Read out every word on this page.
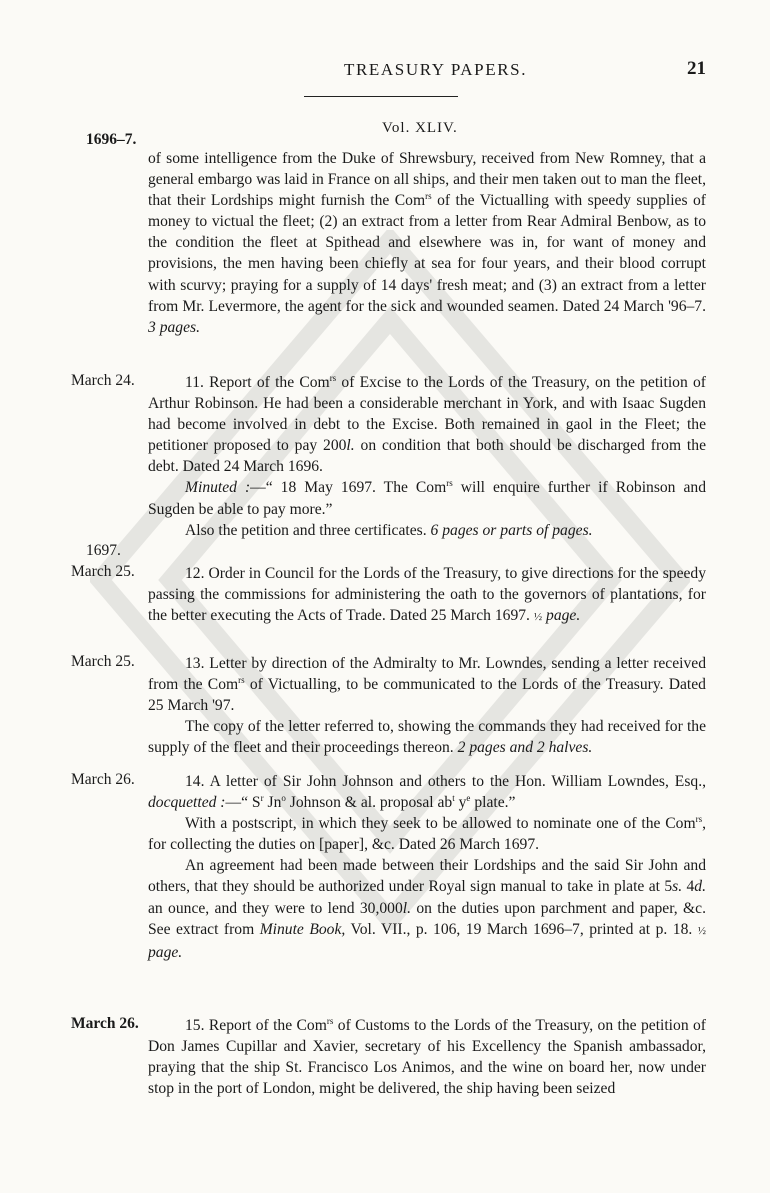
TREASURY PAPERS.	21
Vol. XLIV.
1696–7.

of some intelligence from the Duke of Shrewsbury, received from New Romney, that a general embargo was laid in France on all ships, and their men taken out to man the fleet, that their Lordships might furnish the Com$^{rs}$ of the Victualling with speedy supplies of money to victual the fleet; (2) an extract from a letter from Rear Admiral Benbow, as to the condition the fleet at Spithead and elsewhere was in, for want of money and provisions, the men having been chiefly at sea for four years, and their blood corrupt with scurvy; praying for a supply of 14 days' fresh meat; and (3) an extract from a letter from Mr. Levermore, the agent for the sick and wounded seamen. Dated 24 March '96–7. 3 pages.

March 24.	11. Report of the Com$^{rs}$ of Excise to the Lords of the Treasury, on the petition of Arthur Robinson. He had been a considerable merchant in York, and with Isaac Sugden had become involved in debt to the Excise. Both remained in gaol in the Fleet; the petitioner proposed to pay 200l. on condition that both should be discharged from the debt. Dated 24 March 1696.

Minuted :—“ 18 May 1697. The Com$^{rs}$ will enquire further if Robinson and Sugden be able to pay more.”

Also the petition and three certificates. 6 pages or parts of pages.

1697.
March 25.	12. Order in Council for the Lords of the Treasury, to give directions for the speedy passing the commissions for administering the oath to the governors of plantations, for the better executing the Acts of Trade. Dated 25 March 1697. ½ page.

March 25.	13. Letter by direction of the Admiralty to Mr. Lowndes, sending a letter received from the Com$^{rs}$ of Victualling, to be communicated to the Lords of the Treasury. Dated 25 March '97.

The copy of the letter referred to, showing the commands they had received for the supply of the fleet and their proceedings thereon. 2 pages and 2 halves.

March 26.	14. A letter of Sir John Johnson and others to the Hon. William Lowndes, Esq., docquetted :—“ $S^r$ Jn$^o$ Johnson & al. proposal $ab^t$ $y^e$ plate.”

With a postscript, in which they seek to be allowed to nominate one of the Com$^{rs}$, for collecting the duties on [paper], &c. Dated 26 March 1697.

An agreement had been made between their Lordships and the said Sir John and others, that they should be authorized under Royal sign manual to take in plate at 5s. 4d. an ounce, and they were to lend 30,000l. on the duties upon parchment and paper, &c. See extract from Minute Book, Vol. VII., p. 106, 19 March 1696–7, printed at p. 18. ½ page.

March 26.	15. Report of the Com$^{rs}$ of Customs to the Lords of the Treasury, on the petition of Don James Cupillar and Xavier, secretary of his Excellency the Spanish ambassador, praying that the ship St. Francisco Los Animos, and the wine on board her, now under stop in the port of London, might be delivered, the ship having been seized
